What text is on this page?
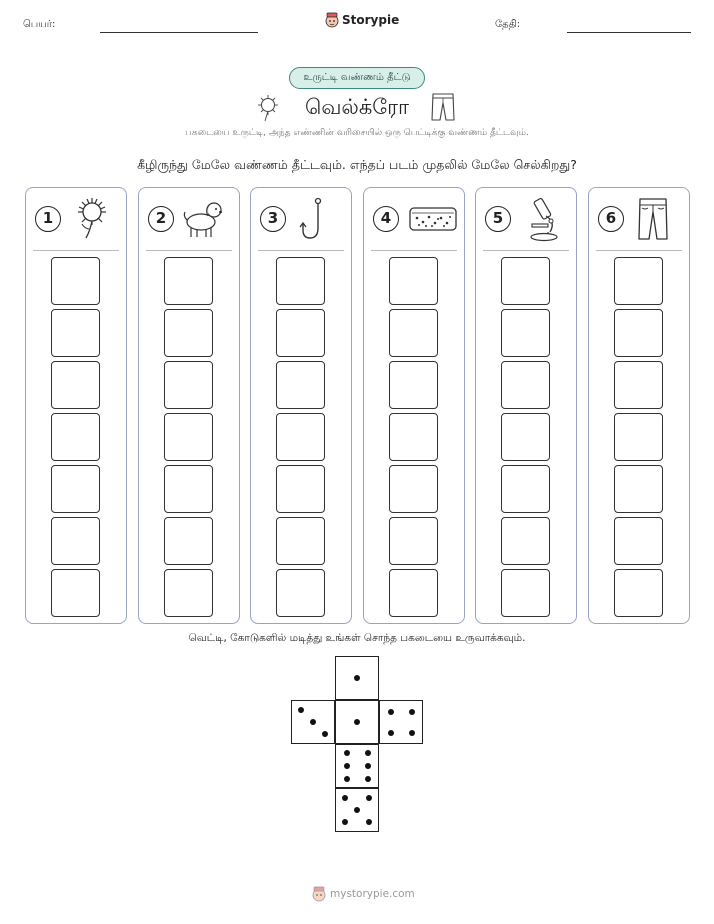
பெயர்:	Storypie	தேதி:
உருட்டி வண்ணம் தீட்டு
வெல்க்ரோ
பகடையை உருட்டி, அந்த எண்ணின் வரிசையில் ஒரு பெட்டிக்கு வண்ணம் தீட்டவும்.
கீழிருந்து மேலே வண்ணம் தீட்டவும். எந்தப் படம் முதலில் மேலே செல்கிறது?
1	2	3	4	5	6
வெட்டி, கோடுகளில் மடித்து உங்கள் சொந்த பகடையை உருவாக்கவும்.
mystorypie.com
